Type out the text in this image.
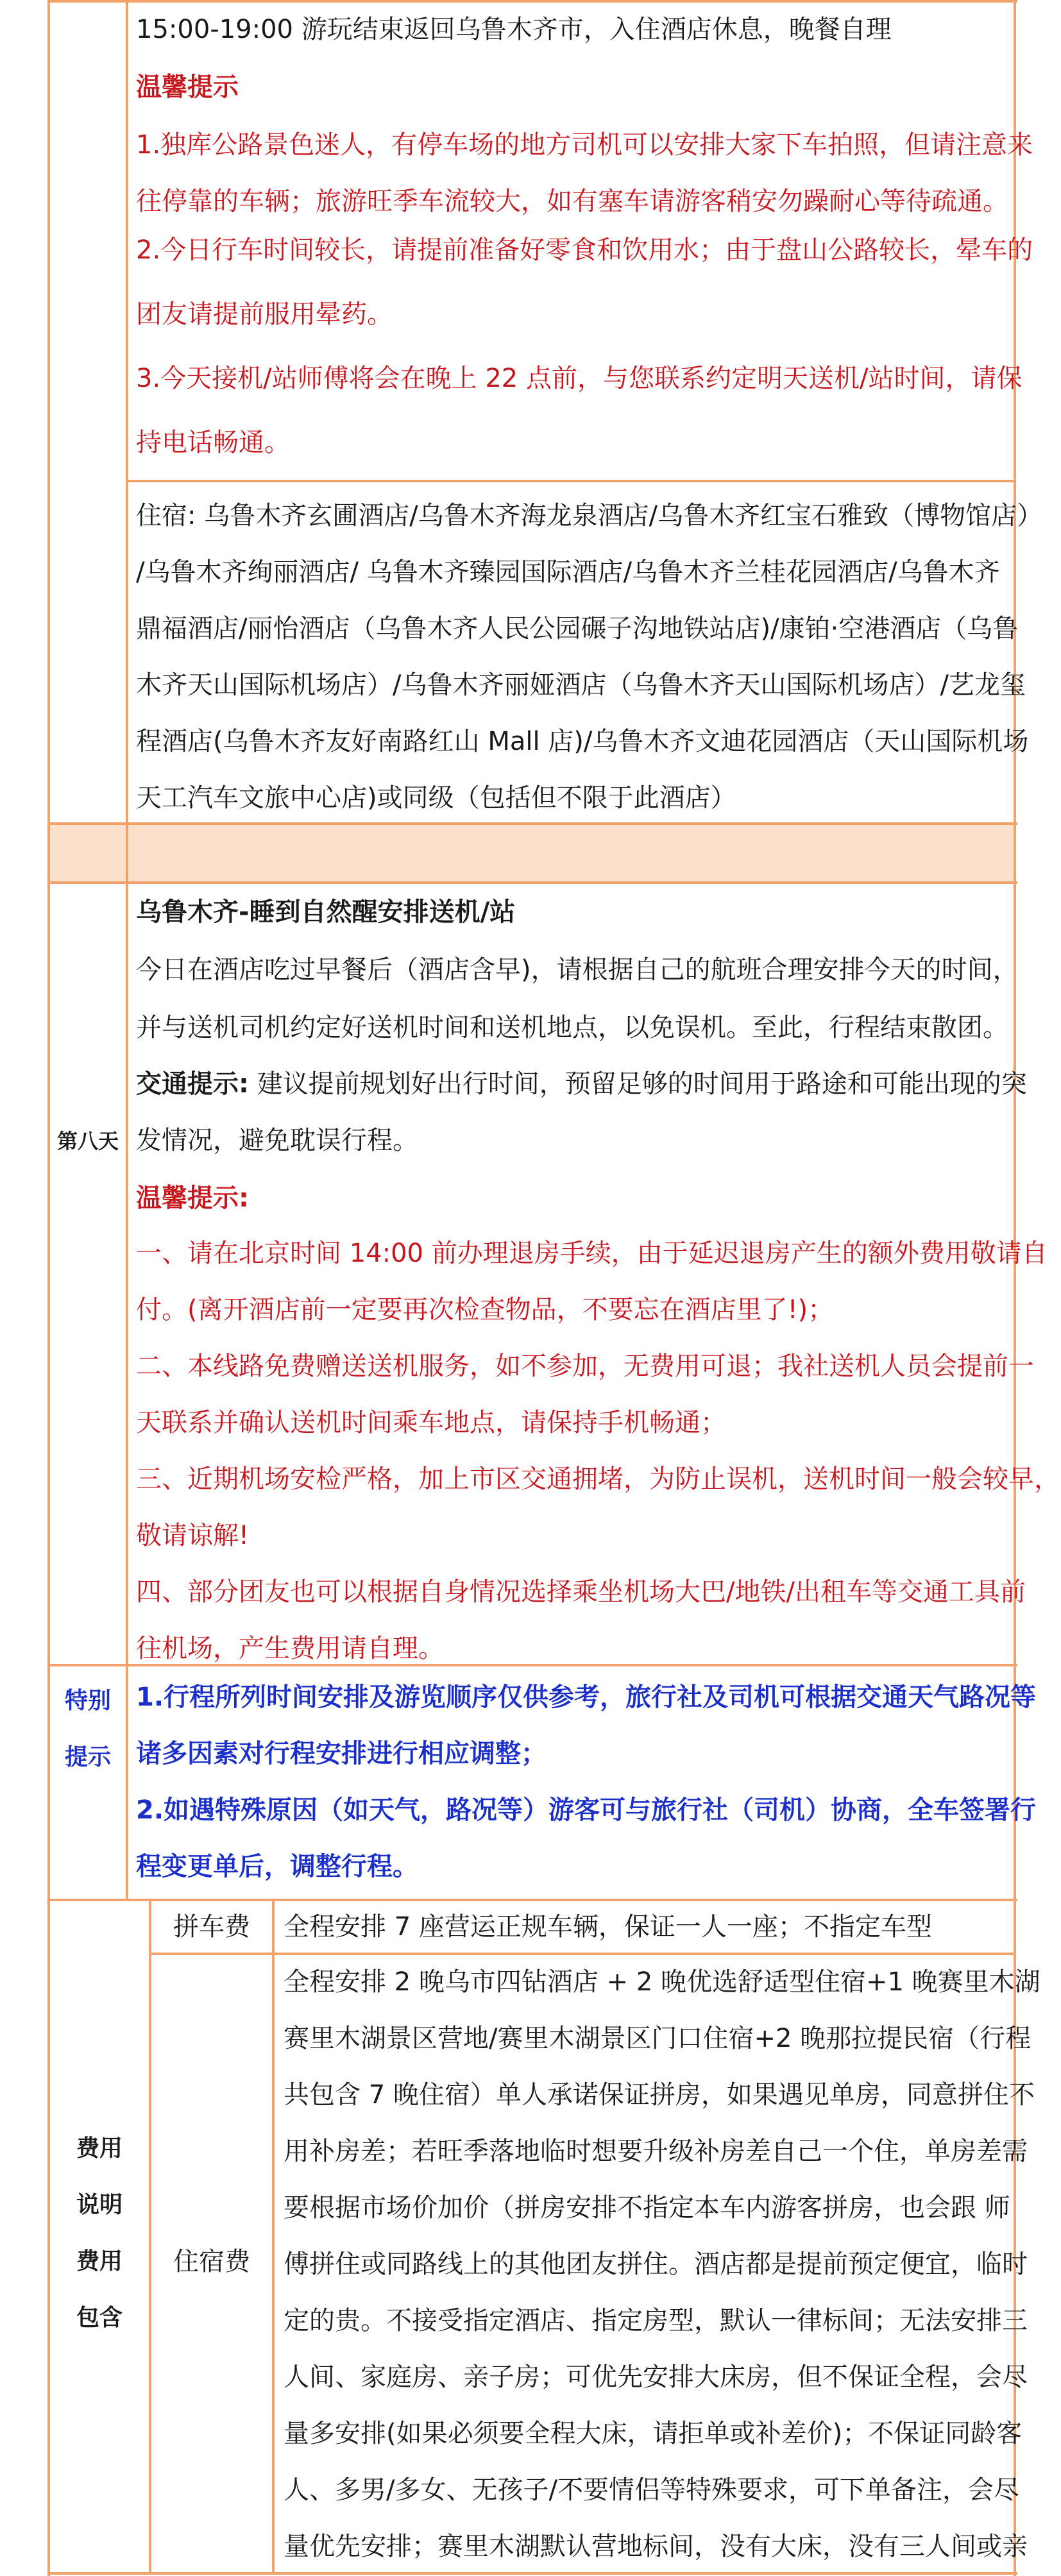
15:00-19:00 游玩结束返回乌鲁木齐市，入住酒店休息，晚餐自理
温馨提示
1.独库公路景色迷人，有停车场的地方司机可以安排大家下车拍照，但请注意来
往停靠的车辆；旅游旺季车流较大，如有塞车请游客稍安勿躁耐心等待疏通。
2.今日行车时间较长，请提前准备好零食和饮用水；由于盘山公路较长，晕车的
团友请提前服用晕药。
3.今天接机/站师傅将会在晚上 22 点前，与您联系约定明天送机/站时间，请保
持电话畅通。
住宿: 乌鲁木齐玄圃酒店/乌鲁木齐海龙泉酒店/乌鲁木齐红宝石雅致（博物馆店）
/乌鲁木齐绚丽酒店/ 乌鲁木齐臻园国际酒店/乌鲁木齐兰桂花园酒店/乌鲁木齐
鼎福酒店/丽怡酒店（乌鲁木齐人民公园碾子沟地铁站店)/康铂·空港酒店（乌鲁
木齐天山国际机场店）/乌鲁木齐丽娅酒店（乌鲁木齐天山国际机场店）/艺龙玺
程酒店(乌鲁木齐友好南路红山 Mall 店)/乌鲁木齐文迪花园酒店（天山国际机场
天工汽车文旅中心店)或同级（包括但不限于此酒店）
第八天
乌鲁木齐-睡到自然醒安排送机/站
今日在酒店吃过早餐后（酒店含早)，请根据自己的航班合理安排今天的时间，
并与送机司机约定好送机时间和送机地点，以免误机。至此，行程结束散团。
交通提示: 建议提前规划好出行时间，预留足够的时间用于路途和可能出现的突
发情况，避免耽误行程。
温馨提示:
一、请在北京时间 14:00 前办理退房手续，由于延迟退房产生的额外费用敬请自
付。(离开酒店前一定要再次检查物品，不要忘在酒店里了!)；
二、本线路免费赠送送机服务，如不参加，无费用可退；我社送机人员会提前一
天联系并确认送机时间乘车地点，请保持手机畅通；
三、近期机场安检严格，加上市区交通拥堵，为防止误机，送机时间一般会较早，
敬请谅解!
四、部分团友也可以根据自身情况选择乘坐机场大巴/地铁/出租车等交通工具前
往机场，产生费用请自理。
特别
提示
1.行程所列时间安排及游览顺序仅供参考，旅行社及司机可根据交通天气路况等
诸多因素对行程安排进行相应调整；
2.如遇特殊原因（如天气，路况等）游客可与旅行社（司机）协商，全车签署行
程变更单后，调整行程。
费用
说明
费用
包含
拼车费	全程安排 7 座营运正规车辆，保证一人一座；不指定车型
住宿费
全程安排 2 晚乌市四钻酒店 + 2 晚优选舒适型住宿+1 晚赛里木湖
赛里木湖景区营地/赛里木湖景区门口住宿+2 晚那拉提民宿（行程
共包含 7 晚住宿）单人承诺保证拼房，如果遇见单房，同意拼住不
用补房差；若旺季落地临时想要升级补房差自己一个住，单房差需
要根据市场价加价（拼房安排不指定本车内游客拼房，也会跟 师
傅拼住或同路线上的其他团友拼住。酒店都是提前预定便宜，临时
定的贵。不接受指定酒店、指定房型，默认一律标间；无法安排三
人间、家庭房、亲子房；可优先安排大床房，但不保证全程，会尽
量多安排(如果必须要全程大床，请拒单或补差价)；不保证同龄客
人、多男/多女、无孩子/不要情侣等特殊要求，可下单备注，会尽
量优先安排；赛里木湖默认营地标间，没有大床，没有三人间或亲
